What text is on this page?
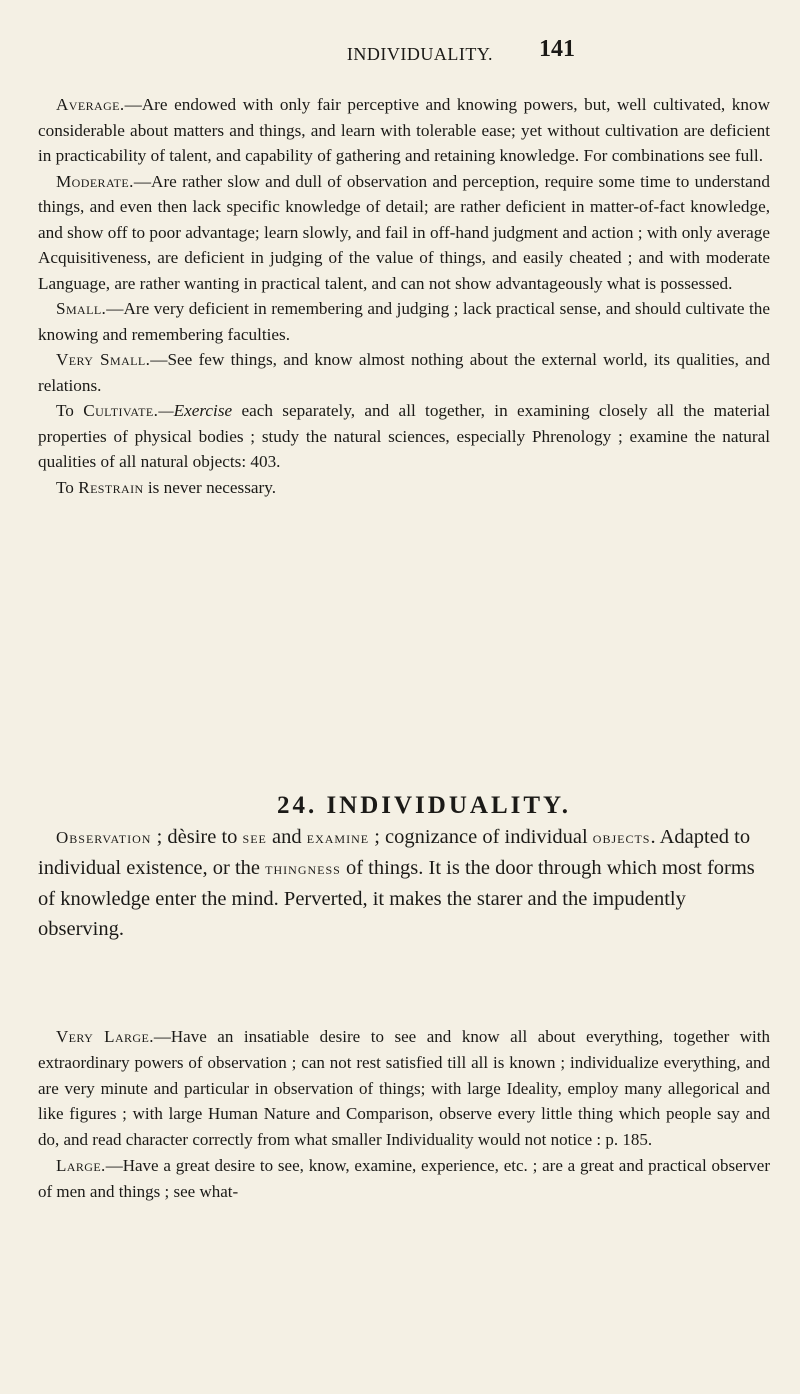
INDIVIDUALITY.	141

Average.—Are endowed with only fair perceptive and knowing powers, but, well cultivated, know considerable about matters and things, and learn with tolerable ease; yet without cultivation are deficient in practicability of talent, and capability of gathering and retaining knowledge. For combinations see full.

Moderate.—Are rather slow and dull of observation and perception, require some time to understand things, and even then lack specific knowledge of detail; are rather deficient in matter-of-fact knowledge, and show off to poor advantage; learn slowly, and fail in off-hand judgment and action ; with only average Acquisitiveness, are deficient in judging of the value of things, and easily cheated ; and with moderate Language, are rather wanting in practical talent, and can not show advantageously what is possessed.

Small.—Are very deficient in remembering and judging ; lack practical sense, and should cultivate the knowing and remembering faculties.

Very Small.—See few things, and know almost nothing about the external world, its qualities, and relations.

To Cultivate.—Exercise each separately, and all together, in examining closely all the material properties of physical bodies ; study the natural sciences, especially Phrenology ; examine the natural qualities of all natural objects: 403.

To Restrain is never necessary.

24. INDIVIDUALITY.

Observation ; dèsire to see and examine ; cognizance of individual objects. Adapted to individual existence, or the thingness of things. It is the door through which most forms of knowledge enter the mind. Perverted, it makes the starer and the impudently observing.

Very Large.—Have an insatiable desire to see and know all about everything, together with extraordinary powers of observation ; can not rest satisfied till all is known ; individualize everything, and are very minute and particular in observation of things; with large Ideality, employ many allegorical and like figures ; with large Human Nature and Comparison, observe every little thing which people say and do, and read character correctly from what smaller Individuality would not notice : p. 185.

Large.—Have a great desire to see, know, examine, experience, etc. ; are a great and practical observer of men and things ; see what-
